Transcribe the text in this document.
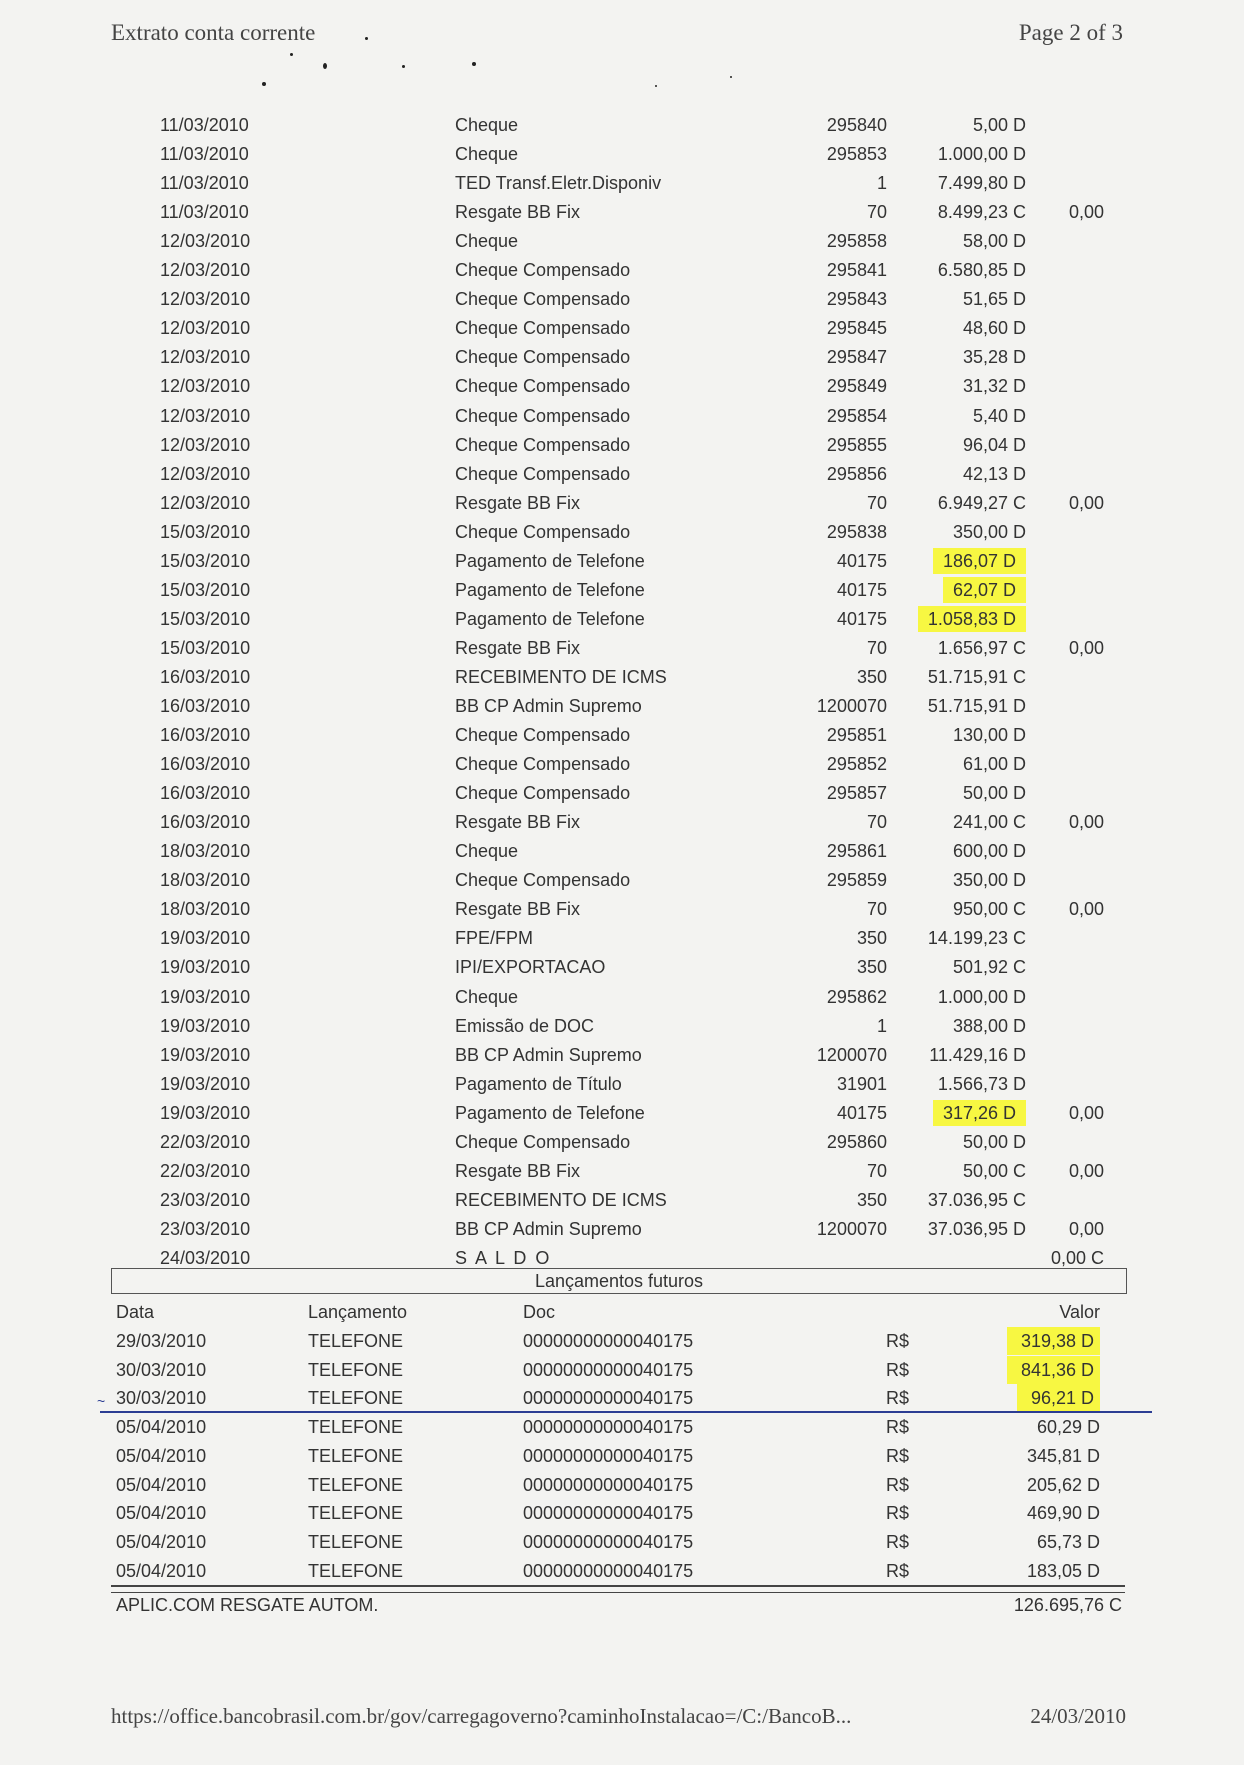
Extrato conta corrente	Page 2 of 3
11/03/2010	Cheque	295840	5,00 D
11/03/2010	Cheque	295853	1.000,00 D
11/03/2010	TED Transf.Eletr.Disponiv	1	7.499,80 D
11/03/2010	Resgate BB Fix	70	8.499,23 C 0,00
12/03/2010	Cheque	295858	58,00 D
12/03/2010	Cheque Compensado	295841	6.580,85 D
12/03/2010	Cheque Compensado	295843	51,65 D
12/03/2010	Cheque Compensado	295845	48,60 D
12/03/2010	Cheque Compensado	295847	35,28 D
12/03/2010	Cheque Compensado	295849	31,32 D
12/03/2010	Cheque Compensado	295854	5,40 D
12/03/2010	Cheque Compensado	295855	96,04 D
12/03/2010	Cheque Compensado	295856	42,13 D
12/03/2010	Resgate BB Fix	70	6.949,27 C 0,00
15/03/2010	Cheque Compensado	295838	350,00 D
15/03/2010	Pagamento de Telefone	40175	186,07 D
15/03/2010	Pagamento de Telefone	40175	62,07 D
15/03/2010	Pagamento de Telefone	40175	1.058,83 D
15/03/2010	Resgate BB Fix	70	1.656,97 C 0,00
16/03/2010	RECEBIMENTO DE ICMS	350 51.715,91 C
16/03/2010	BB CP Admin Supremo	1200070 51.715,91 D
16/03/2010	Cheque Compensado	295851	130,00 D
16/03/2010	Cheque Compensado	295852	61,00 D
16/03/2010	Cheque Compensado	295857	50,00 D
16/03/2010	Resgate BB Fix	70	241,00 C 0,00
18/03/2010	Cheque	295861	600,00 D
18/03/2010	Cheque Compensado	295859	350,00 D
18/03/2010	Resgate BB Fix	70	950,00 C 0,00
19/03/2010	FPE/FPM	350 14.199,23 C
19/03/2010	IPI/EXPORTACAO	350	501,92 C
19/03/2010	Cheque	295862	1.000,00 D
19/03/2010	Emissão de DOC	1	388,00 D
19/03/2010	BB CP Admin Supremo	1200070 11.429,16 D
19/03/2010	Pagamento de Título	31901	1.566,73 D
19/03/2010	Pagamento de Telefone	40175	317,26 D	0,00
22/03/2010	Cheque Compensado	295860	50,00 D
22/03/2010	Resgate BB Fix	70	50,00 C 0,00
23/03/2010	RECEBIMENTO DE ICMS	350 37.036,95 C
23/03/2010	BB CP Admin Supremo	1200070 37.036,95 D 0,00
24/03/2010	S A L D O	0,00 C
Lançamentos futuros
Data	Lançamento	Doc	Valor
29/03/2010	TELEFONE	00000000000040175	R$	319,38 D
30/03/2010	TELEFONE	00000000000040175	R$	841,36 D
30/03/2010	TELEFONE	00000000000040175	R$	96,21 D
05/04/2010	TELEFONE	00000000000040175	R$	60,29 D
05/04/2010	TELEFONE	00000000000040175	R$	345,81 D
05/04/2010	TELEFONE	00000000000040175	R$	205,62 D
05/04/2010	TELEFONE	00000000000040175	R$	469,90 D
05/04/2010	TELEFONE	00000000000040175	R$	65,73 D
05/04/2010	TELEFONE	00000000000040175	R$	183,05 D
~
APLIC.COM RESGATE AUTOM.	126.695,76 C
https://office.bancobrasil.com.br/gov/carregagoverno?caminhoInstalacao=/C:/BancoB...	24/03/2010
